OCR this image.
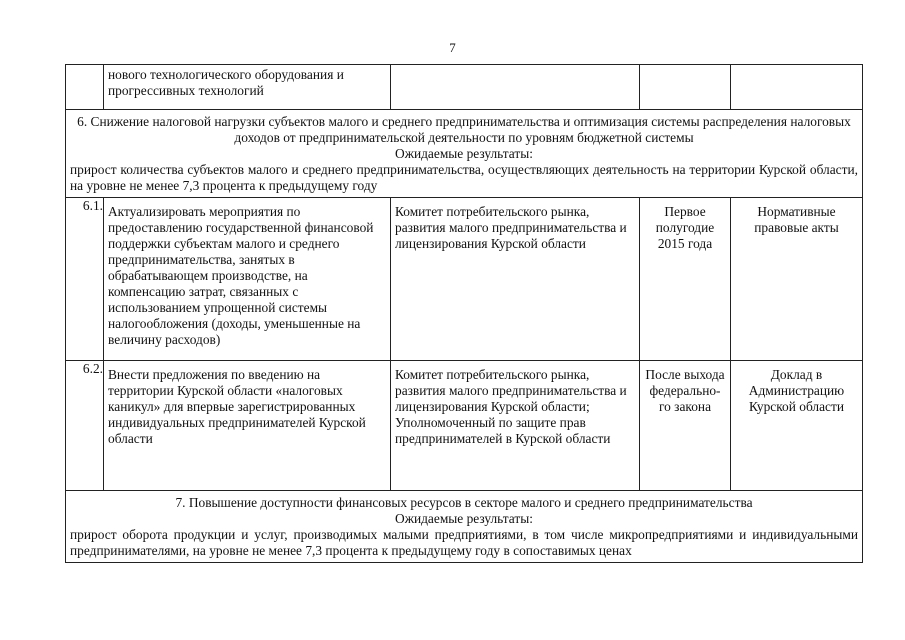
7

	нового технологического оборудования и прогрессивных технологий			

6. Снижение налоговой нагрузки субъектов малого и среднего предпринимательства и оптимизация системы распределения налоговых доходов от предпринимательской деятельности по уровням бюджетной системы
Ожидаемые результаты:
прирост количества субъектов малого и среднего предпринимательства, осуществляющих деятельность на территории Курской области, на уровне не менее 7,3 процента к предыдущему году				

6.1.	Актуализировать мероприятия по предоставлению государственной финансовой поддержки субъектам малого и среднего предпринимательства, занятых в обрабатывающем производстве, на компенсацию затрат, связанных с использованием упрощенной системы налогообложения (доходы, уменьшенные на величину расходов)	Комитет потребительского рынка, развития малого предпринимательства и лицензирования Курской области	Первое полугодие 2015 года	Нормативные правовые акты

6.2.	Внести предложения по введению на территории Курской области «налоговых каникул» для впервые зарегистрированных индивидуальных предпринимателей Курской области	Комитет потребительского рынка, развития малого предпринимательства и лицензирования Курской области; Уполномоченный по защите прав предпринимателей в Курской области	После выхода федерально-го закона	Доклад в Администрацию Курской области

7. Повышение доступности финансовых ресурсов в секторе малого и среднего предпринимательства
Ожидаемые результаты:
прирост оборота продукции и услуг, производимых малыми предприятиями, в том числе микропредприятиями и индивидуальными предпринимателями, на уровне не менее 7,3 процента к предыдущему году в сопоставимых ценах				
